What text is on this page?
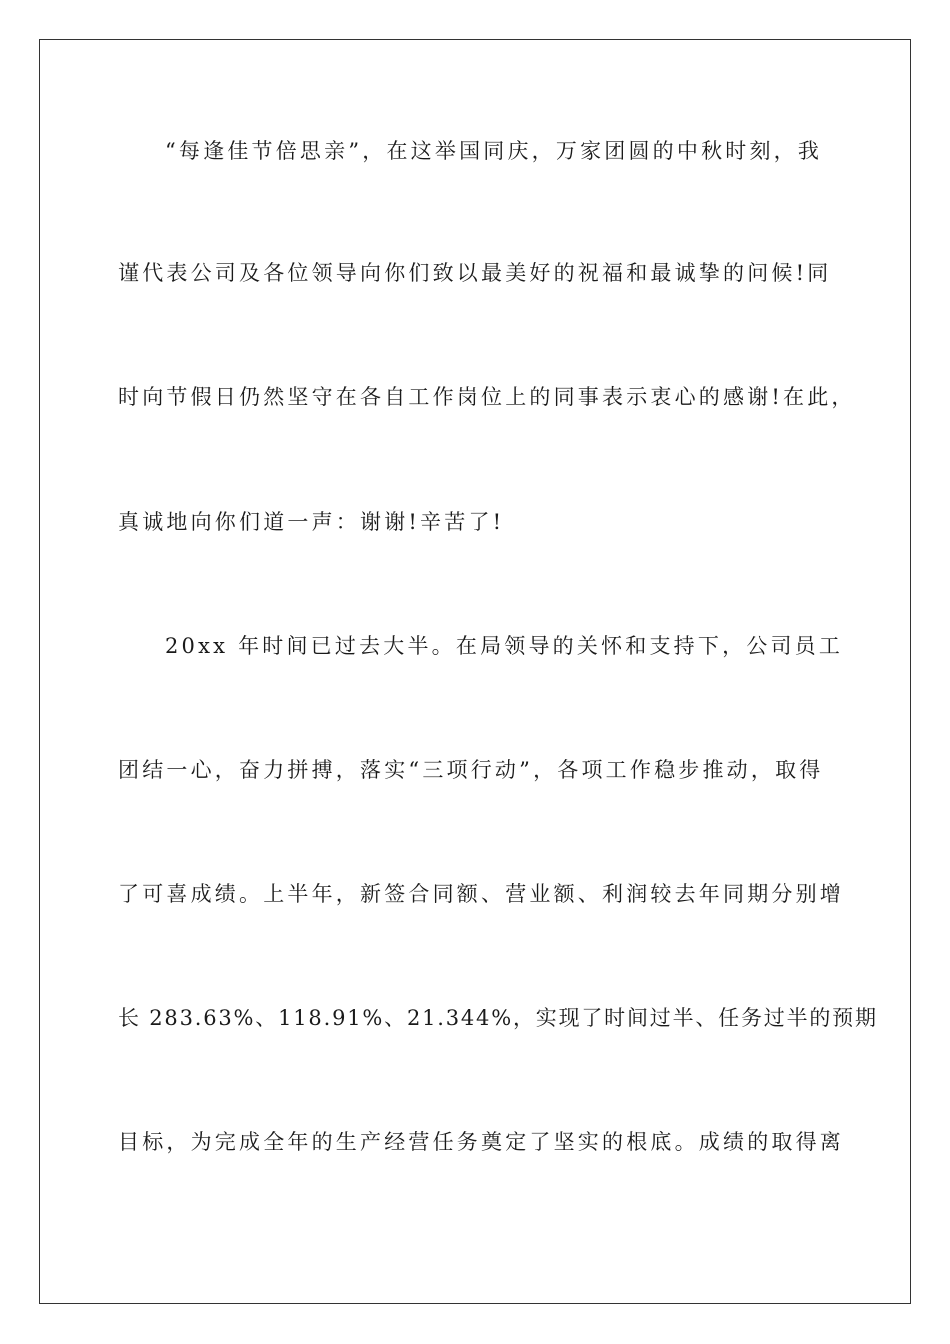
“每逢佳节倍思亲”，在这举国同庆，万家团圆的中秋时刻，我

谨代表公司及各位领导向你们致以最美好的祝福和最诚挚的问候!同

时向节假日仍然坚守在各自工作岗位上的同事表示衷心的感谢!在此，

真诚地向你们道一声：谢谢!辛苦了!

20xx 年时间已过去大半。在局领导的关怀和支持下，公司员工

团结一心，奋力拼搏，落实“三项行动”，各项工作稳步推动，取得

了可喜成绩。上半年，新签合同额、营业额、利润较去年同期分别增

长 283.63%、118.91%、21.344%，实现了时间过半、任务过半的预期

目标，为完成全年的生产经营任务奠定了坚实的根底。成绩的取得离
